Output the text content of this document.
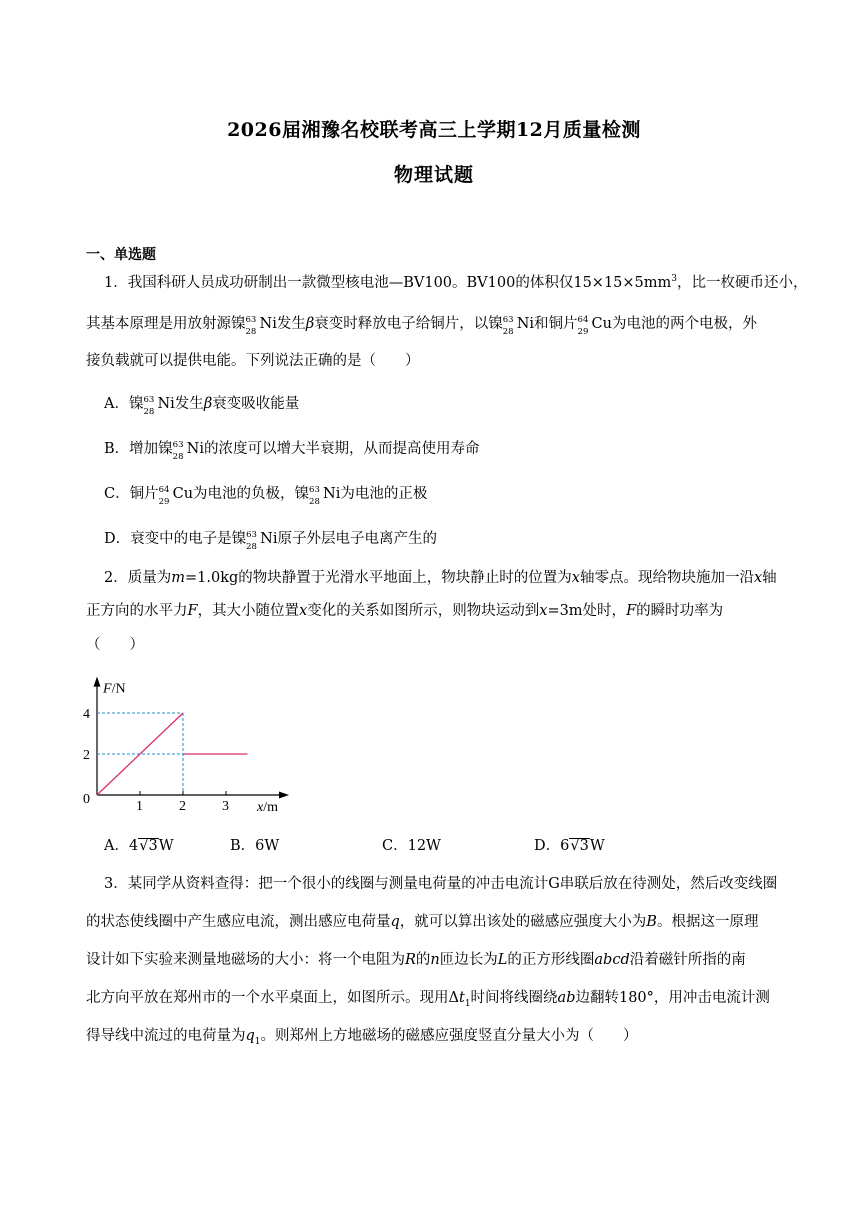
2026届湘豫名校联考高三上学期12月质量检测
物理试题
一、单选题
1．我国科研人员成功研制出一款微型核电池—BV100。BV100的体积仅$15\times 15\times 5mm^3$，比一枚硬币还小，
其基本原理是用放射源镍 63
28 Ni发生β衰变时释放电子给铜片，以镍 63
28 Ni和铜片 64
29 Cu为电池的两个电极，外
接负载就可以提供电能。下列说法正确的是（　　）
A．镍 63
28 Ni发生β衰变吸收能量
B．增加镍 63
28 Ni的浓度可以增大半衰期，从而提高使用寿命
C．铜片 64
29 Cu为电池的负极，镍 63
28 Ni为电池的正极
D．衰变中的电子是镍 63
28 Ni原子外层电子电离产生的
2．质量为m=1.0kg的物块静置于光滑水平地面上，物块静止时的位置为x轴零点。现给物块施加一沿x轴
正方向的水平力F，其大小随位置x变化的关系如图所示，则物块运动到x=3m处时，F的瞬时功率为
（　　）
1	2	3
2
4
0
F/N
x/m
A．4√3W	B．6W	C．12W	D．6√3W
3．某同学从资料查得：把一个很小的线圈与测量电荷量的冲击电流计G串联后放在待测处，然后改变线圈
的状态使线圈中产生感应电流，测出感应电荷量q，就可以算出该处的磁感应强度大小为B。根据这一原理
设计如下实验来测量地磁场的大小：将一个电阻为R的n匝边长为L的正方形线圈abcd沿着磁针所指的南
北方向平放在郑州市的一个水平桌面上，如图所示。现用$\Delta t_1$时间将线圈绕ab边翻转180°，用冲击电流计测
得导线中流过的电荷量为$q_1$。则郑州上方地磁场的磁感应强度竖直分量大小为（　　）
